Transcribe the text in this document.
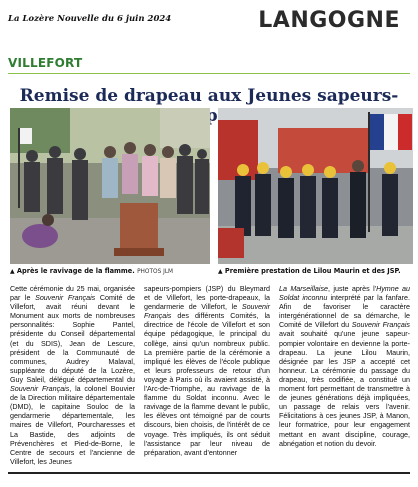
La Lozère Nouvelle du 6 juin 2024	LANGOGNE
VILLEFORT
Remise de drapeau aux Jeunes sapeurs- p
▲ Après le ravivage de la flamme. PHOTOS JLM	▲ Première prestation de Lilou Maurin et des JSP.

Cette cérémonie du 25 mai, organisée par le Souvenir Français Comité de Villefort, avait réuni devant le Monument aux morts de nombreuses personnalités: Sophie Pantel, présidente du Conseil départemental (et du SDIS), Jean de Lescure, président de la Communauté de communes, Audrey Malaval, suppléante du député de la Lozère, Guy Saleil, délégué départemental du Souvenir Français, la colonel Bouvier de la Direction militaire départementale (DMD), le capitaine Souloc de la gendarmerie départementale, les maires de Villefort, Pourcharesses et La Bastide, des adjoints de Prévenchères et Pied-de-Borne, le Centre de secours et l'ancienne de Villefort, les Jeunes

sapeurs-pompiers (JSP) du Bleymard et de Villefort, les porte-drapeaux, la gendarmerie de Villefort, le Souvenir Français des différents Comités, la directrice de l'école de Villefort et son équipe pédagogique, le principal du collège, ainsi qu'un nombreux public. La première partie de la cérémonie a impliqué les élèves de l'école publique et leurs professeurs de retour d'un voyage à Paris où ils avaient assisté, à l'Arc-de-Triomphe, au ravivage de la flamme du Soldat inconnu. Avec le ravivage de la flamme devant le public, les élèves ont témoigné par de courts discours, bien choisis, de l'intérêt de ce voyage. Très impliqués, ils ont séduit l'assistance par leur niveau de préparation, avant d'entonner

La Marseillaise, juste après l'Hymne au Soldat inconnu interprété par la fanfare. Afin de favoriser le caractère intergénérationnel de sa démarche, le Comité de Villefort du Souvenir Français avait souhaité qu'une jeune sapeur-pompier volontaire en devienne la porte-drapeau. La jeune Lilou Maurin, désignée par les JSP a accepté cet honneur. La cérémonie du passage du drapeau, très codifiée, a constitué un moment fort permettant de transmettre à de jeunes générations déjà impliquées, un passage de relais vers l'avenir. Félicitations à ces jeunes JSP, à Manon, leur formatrice, pour leur engagement mettant en avant discipline, courage, abnégation et notion du devoir.
